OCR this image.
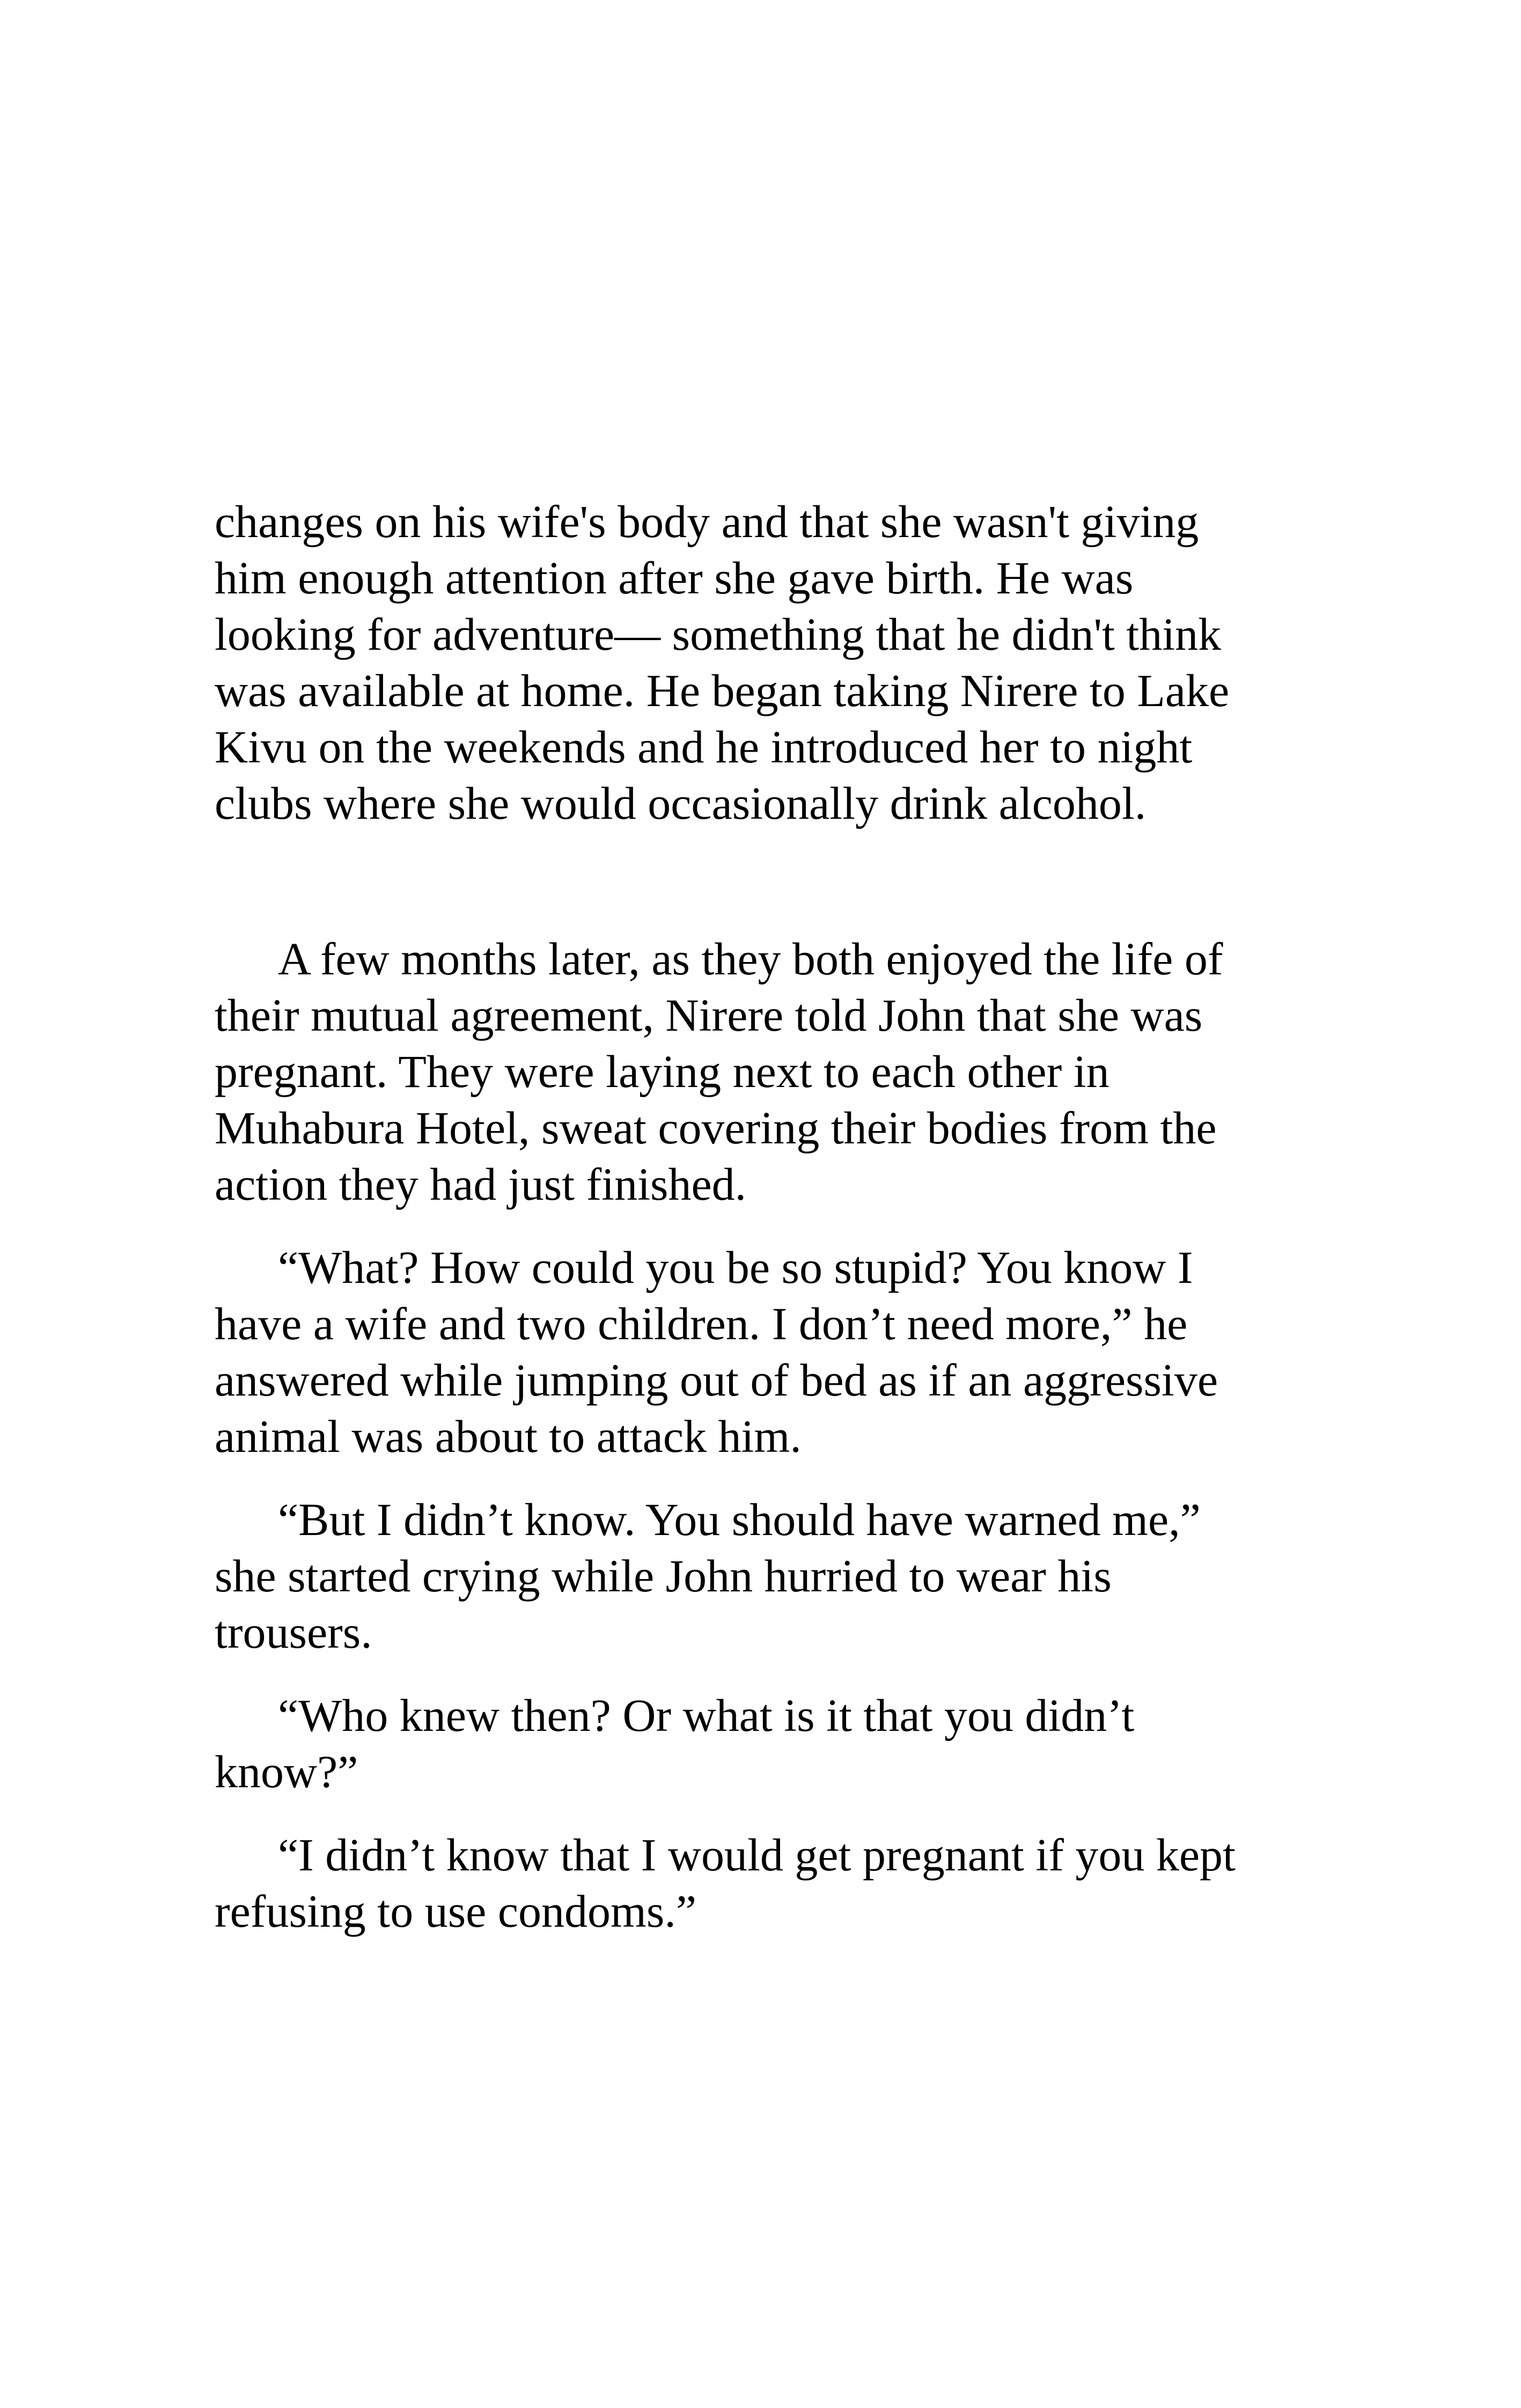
changes on his wife's body and that she wasn't giving
him enough attention after she gave birth. He was
looking for adventure— something that he didn't think
was available at home. He began taking Nirere to Lake
Kivu on the weekends and he introduced her to night
clubs where she would occasionally drink alcohol.

A few months later, as they both enjoyed the life of
their mutual agreement, Nirere told John that she was
pregnant. They were laying next to each other in
Muhabura Hotel, sweat covering their bodies from the
action they had just finished.

“What? How could you be so stupid? You know I
have a wife and two children. I don’t need more,” he
answered while jumping out of bed as if an aggressive
animal was about to attack him.

“But I didn’t know. You should have warned me,”
she started crying while John hurried to wear his
trousers.

“Who knew then? Or what is it that you didn’t
know?”

“I didn’t know that I would get pregnant if you kept
refusing to use condoms.”
